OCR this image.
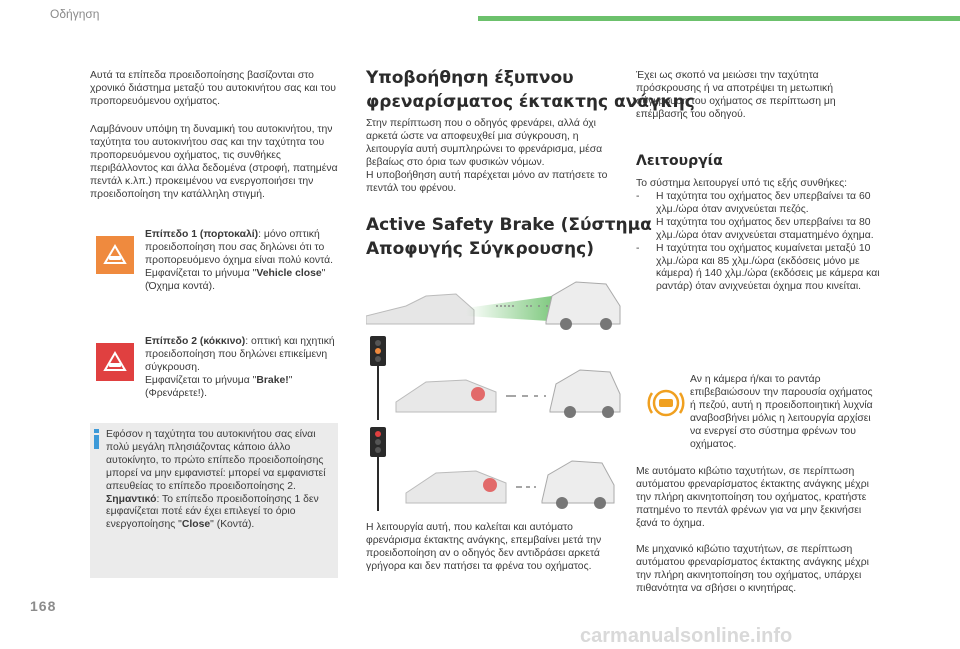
Οδήγηση

Αυτά τα επίπεδα προειδοποίησης βασίζονται στο χρονικό διάστημα μεταξύ του αυτοκινήτου σας και του προπορευόμενου οχήματος.

Λαμβάνουν υπόψη τη δυναμική του αυτοκινήτου, την ταχύτητα του αυτοκινήτου σας και την ταχύτητα του προπορευόμενου οχήματος, τις συνθήκες περιβάλλοντος και άλλα δεδομένα (στροφή, πατημένα πεντάλ κ.λπ.) προκειμένου να ενεργοποιήσει την προειδοποίηση την κατάλληλη στιγμή.

Επίπεδο 1 (πορτοκαλί): μόνο οπτική προειδοποίηση που σας δηλώνει ότι το προπορευόμενο όχημα είναι πολύ κοντά.
Εμφανίζεται το μήνυμα "Vehicle close"
(Όχημα κοντά).
Επίπεδο 2 (κόκκινο): οπτική και ηχητική προειδοποίηση που δηλώνει επικείμενη σύγκρουση.
Εμφανίζεται το μήνυμα "Brake!"
(Φρενάρετε!).
Εφόσον η ταχύτητα του αυτοκινήτου σας είναι πολύ μεγάλη πλησιάζοντας κάποιο άλλο αυτοκίνητο, το πρώτο επίπεδο προειδοποίησης μπορεί να μην εμφανιστεί: μπορεί να εμφανιστεί απευθείας το επίπεδο προειδοποίησης 2.
Σημαντικό: Το επίπεδο προειδοποίησης 1 δεν εμφανίζεται ποτέ εάν έχει επιλεγεί το όριο ενεργοποίησης "Close" (Κοντά).
Υποβοήθηση έξυπνου
φρεναρίσματος έκτακτης ανάγκης

Στην περίπτωση που ο οδηγός φρενάρει, αλλά όχι αρκετά ώστε να αποφευχθεί μια σύγκρουση, η λειτουργία αυτή συμπληρώνει το φρενάρισμα, μέσα βεβαίως στο όρια των φυσικών νόμων.

Η υποβοήθηση αυτή παρέχεται μόνο αν πατήσετε το πεντάλ του φρένου.

Active Safety Brake (Σύστημα
Αποφυγής Σύγκρουσης)

Η λειτουργία αυτή, που καλείται και αυτόματο φρενάρισμα έκτακτης ανάγκης, επεμβαίνει μετά την προειδοποίηση αν ο οδηγός δεν αντιδράσει αρκετά γρήγορα και δεν πατήσει τα φρένα του οχήματος.

Έχει ως σκοπό να μειώσει την ταχύτητα πρόσκρουσης ή να αποτρέψει τη μετωπική σύγκρουση του οχήματος σε περίπτωση μη επέμβασης του οδηγού.

Λειτουργία

Το σύστημα λειτουργεί υπό τις εξής συνθήκες:

- Η ταχύτητα του οχήματος δεν υπερβαίνει τα 60 χλμ./ώρα όταν ανιχνεύεται πεζός.
- Η ταχύτητα του οχήματος δεν υπερβαίνει τα 80 χλμ./ώρα όταν ανιχνεύεται σταματημένο όχημα.
- Η ταχύτητα του οχήματος κυμαίνεται μεταξύ 10 χλμ./ώρα και 85 χλμ./ώρα (εκδόσεις μόνο με κάμερα) ή 140 χλμ./ώρα (εκδόσεις με κάμερα και ραντάρ) όταν ανιχνεύεται όχημα που κινείται.

Αν η κάμερα ή/και το ραντάρ επιβεβαιώσουν την παρουσία οχήματος ή πεζού, αυτή η προειδοποιητική λυχνία αναβοσβήνει μόλις η λειτουργία αρχίσει να ενεργεί στο σύστημα φρένων του οχήματος.

Με αυτόματο κιβώτιο ταχυτήτων, σε περίπτωση αυτόματου φρεναρίσματος έκτακτης ανάγκης μέχρι την πλήρη ακινητοποίηση του οχήματος, κρατήστε πατημένο το πεντάλ φρένων για να μην ξεκινήσει ξανά το όχημα.

Με μηχανικό κιβώτιο ταχυτήτων, σε περίπτωση αυτόματου φρεναρίσματος έκτακτης ανάγκης μέχρι την πλήρη ακινητοποίηση του οχήματος, υπάρχει πιθανότητα να σβήσει ο κινητήρας.

168
carmanualsonline.info
